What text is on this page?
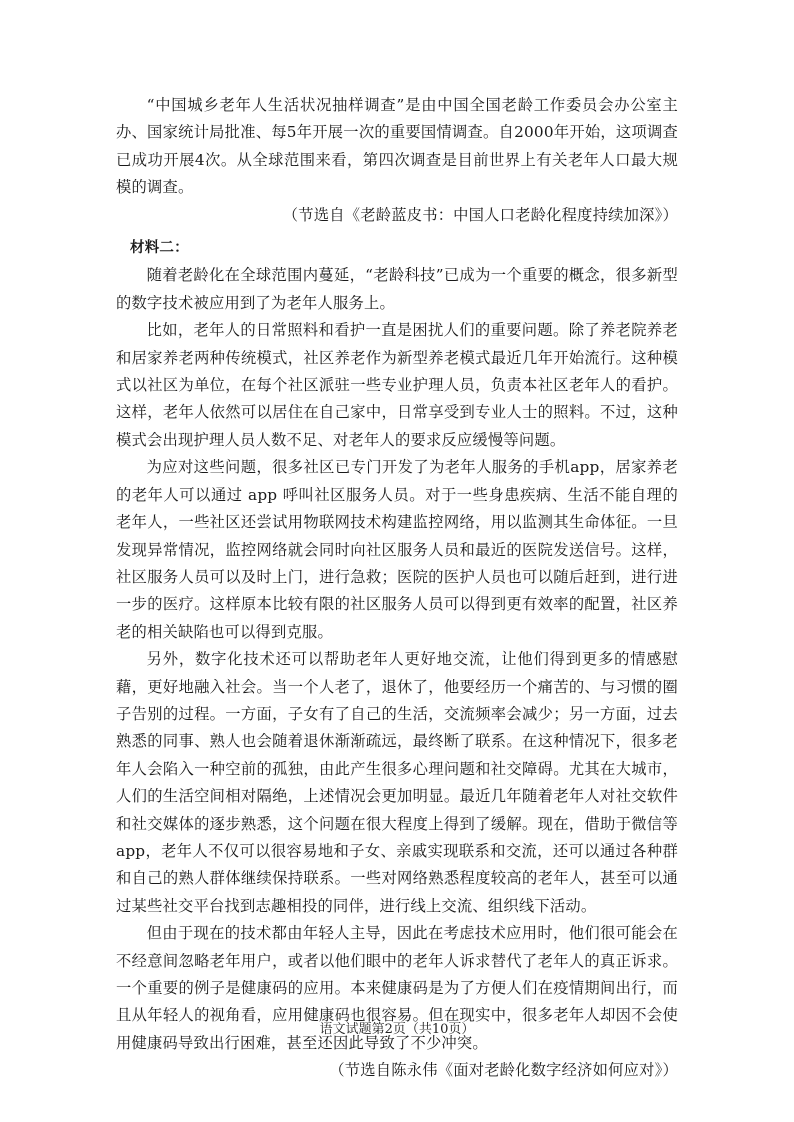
“中国城乡老年人生活状况抽样调查”是由中国全国老龄工作委员会办公室主办、国家统计局批准、每5年开展一次的重要国情调查。自2000年开始，这项调查已成功开展4次。从全球范围来看，第四次调查是目前世界上有关老年人口最大规模的调查。

（节选自《老龄蓝皮书：中国人口老龄化程度持续加深》）

材料二：

随着老龄化在全球范围内蔓延，“老龄科技”已成为一个重要的概念，很多新型的数字技术被应用到了为老年人服务上。

比如，老年人的日常照料和看护一直是困扰人们的重要问题。除了养老院养老和居家养老两种传统模式，社区养老作为新型养老模式最近几年开始流行。这种模式以社区为单位，在每个社区派驻一些专业护理人员，负责本社区老年人的看护。这样，老年人依然可以居住在自己家中，日常享受到专业人士的照料。不过，这种模式会出现护理人员人数不足、对老年人的要求反应缓慢等问题。

为应对这些问题，很多社区已专门开发了为老年人服务的手机app，居家养老的老年人可以通过 app 呼叫社区服务人员。对于一些身患疾病、生活不能自理的老年人，一些社区还尝试用物联网技术构建监控网络，用以监测其生命体征。一旦发现异常情况，监控网络就会同时向社区服务人员和最近的医院发送信号。这样，社区服务人员可以及时上门，进行急救；医院的医护人员也可以随后赶到，进行进一步的医疗。这样原本比较有限的社区服务人员可以得到更有效率的配置，社区养老的相关缺陷也可以得到克服。

另外，数字化技术还可以帮助老年人更好地交流，让他们得到更多的情感慰藉，更好地融入社会。当一个人老了，退休了，他要经历一个痛苦的、与习惯的圈子告别的过程。一方面，子女有了自己的生活，交流频率会减少；另一方面，过去熟悉的同事、熟人也会随着退休渐渐疏远，最终断了联系。在这种情况下，很多老年人会陷入一种空前的孤独，由此产生很多心理问题和社交障碍。尤其在大城市，人们的生活空间相对隔绝，上述情况会更加明显。最近几年随着老年人对社交软件和社交媒体的逐步熟悉，这个问题在很大程度上得到了缓解。现在，借助于微信等app，老年人不仅可以很容易地和子女、亲戚实现联系和交流，还可以通过各种群和自己的熟人群体继续保持联系。一些对网络熟悉程度较高的老年人，甚至可以通过某些社交平台找到志趣相投的同伴，进行线上交流、组织线下活动。

但由于现在的技术都由年轻人主导，因此在考虑技术应用时，他们很可能会在不经意间忽略老年用户，或者以他们眼中的老年人诉求替代了老年人的真正诉求。一个重要的例子是健康码的应用。本来健康码是为了方便人们在疫情期间出行，而且从年轻人的视角看，应用健康码也很容易。但在现实中，很多老年人却因不会使用健康码导致出行困难，甚至还因此导致了不少冲突。

（节选自陈永伟《面对老龄化数字经济如何应对》）

语文试题第2页（共10页）
